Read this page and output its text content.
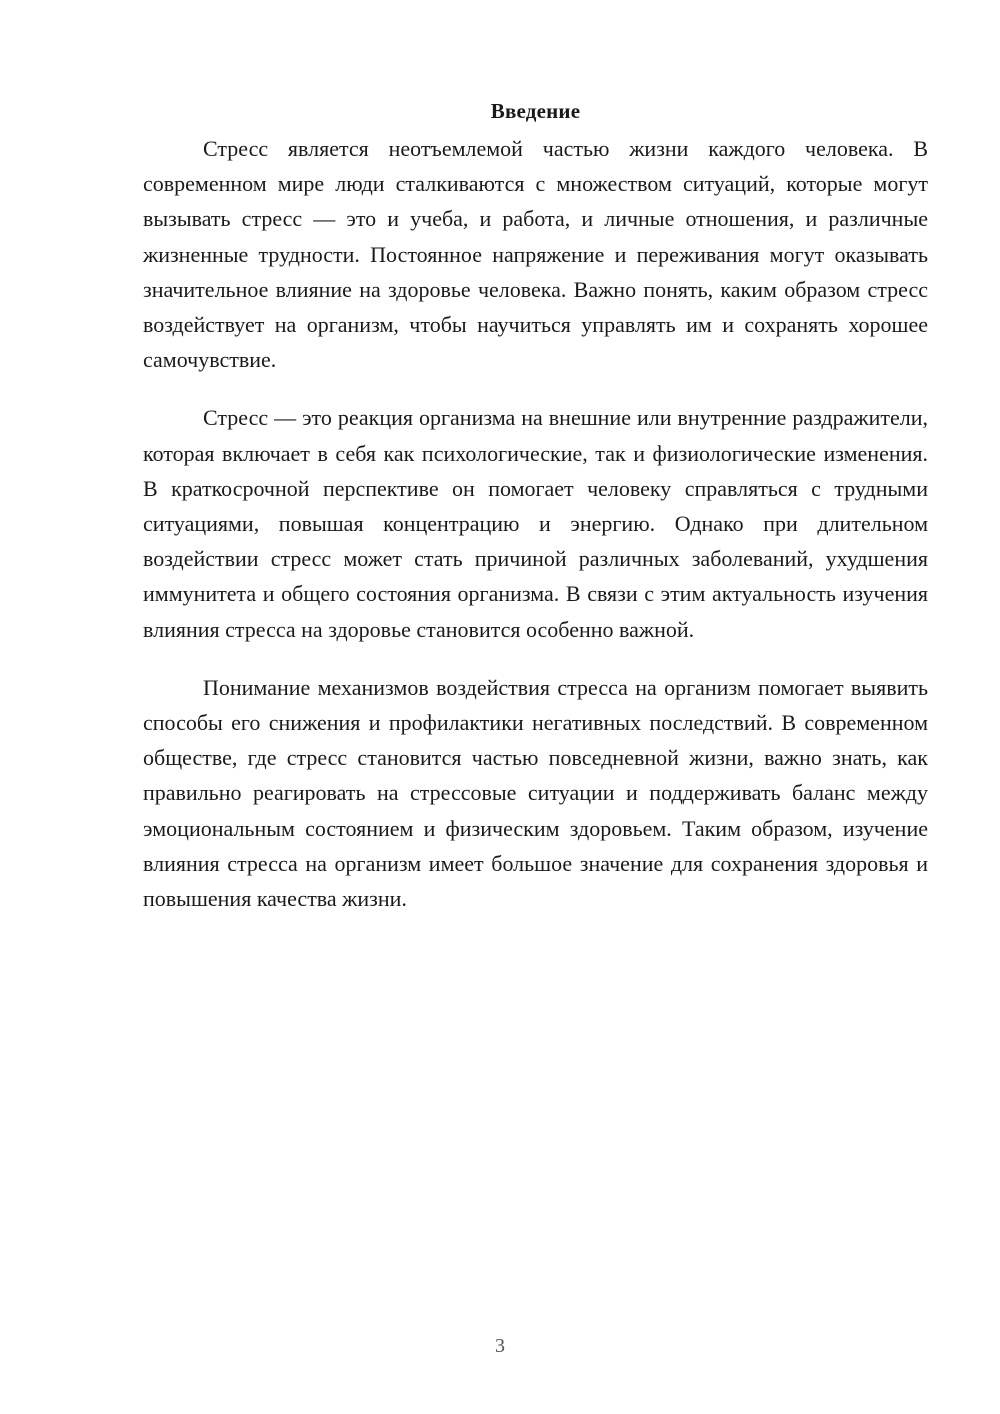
Введение

Стресс является неотъемлемой частью жизни каждого человека. В современном мире люди сталкиваются с множеством ситуаций, которые могут вызывать стресс — это и учеба, и работа, и личные отношения, и различные жизненные трудности. Постоянное напряжение и переживания могут оказывать значительное влияние на здоровье человека. Важно понять, каким образом стресс воздействует на организм, чтобы научиться управлять им и сохранять хорошее самочувствие.

Стресс — это реакция организма на внешние или внутренние раздражители, которая включает в себя как психологические, так и физиологические изменения. В краткосрочной перспективе он помогает человеку справляться с трудными ситуациями, повышая концентрацию и энергию. Однако при длительном воздействии стресс может стать причиной различных заболеваний, ухудшения иммунитета и общего состояния организма. В связи с этим актуальность изучения влияния стресса на здоровье становится особенно важной.

Понимание механизмов воздействия стресса на организм помогает выявить способы его снижения и профилактики негативных последствий. В современном обществе, где стресс становится частью повседневной жизни, важно знать, как правильно реагировать на стрессовые ситуации и поддерживать баланс между эмоциональным состоянием и физическим здоровьем. Таким образом, изучение влияния стресса на организм имеет большое значение для сохранения здоровья и повышения качества жизни.

3
